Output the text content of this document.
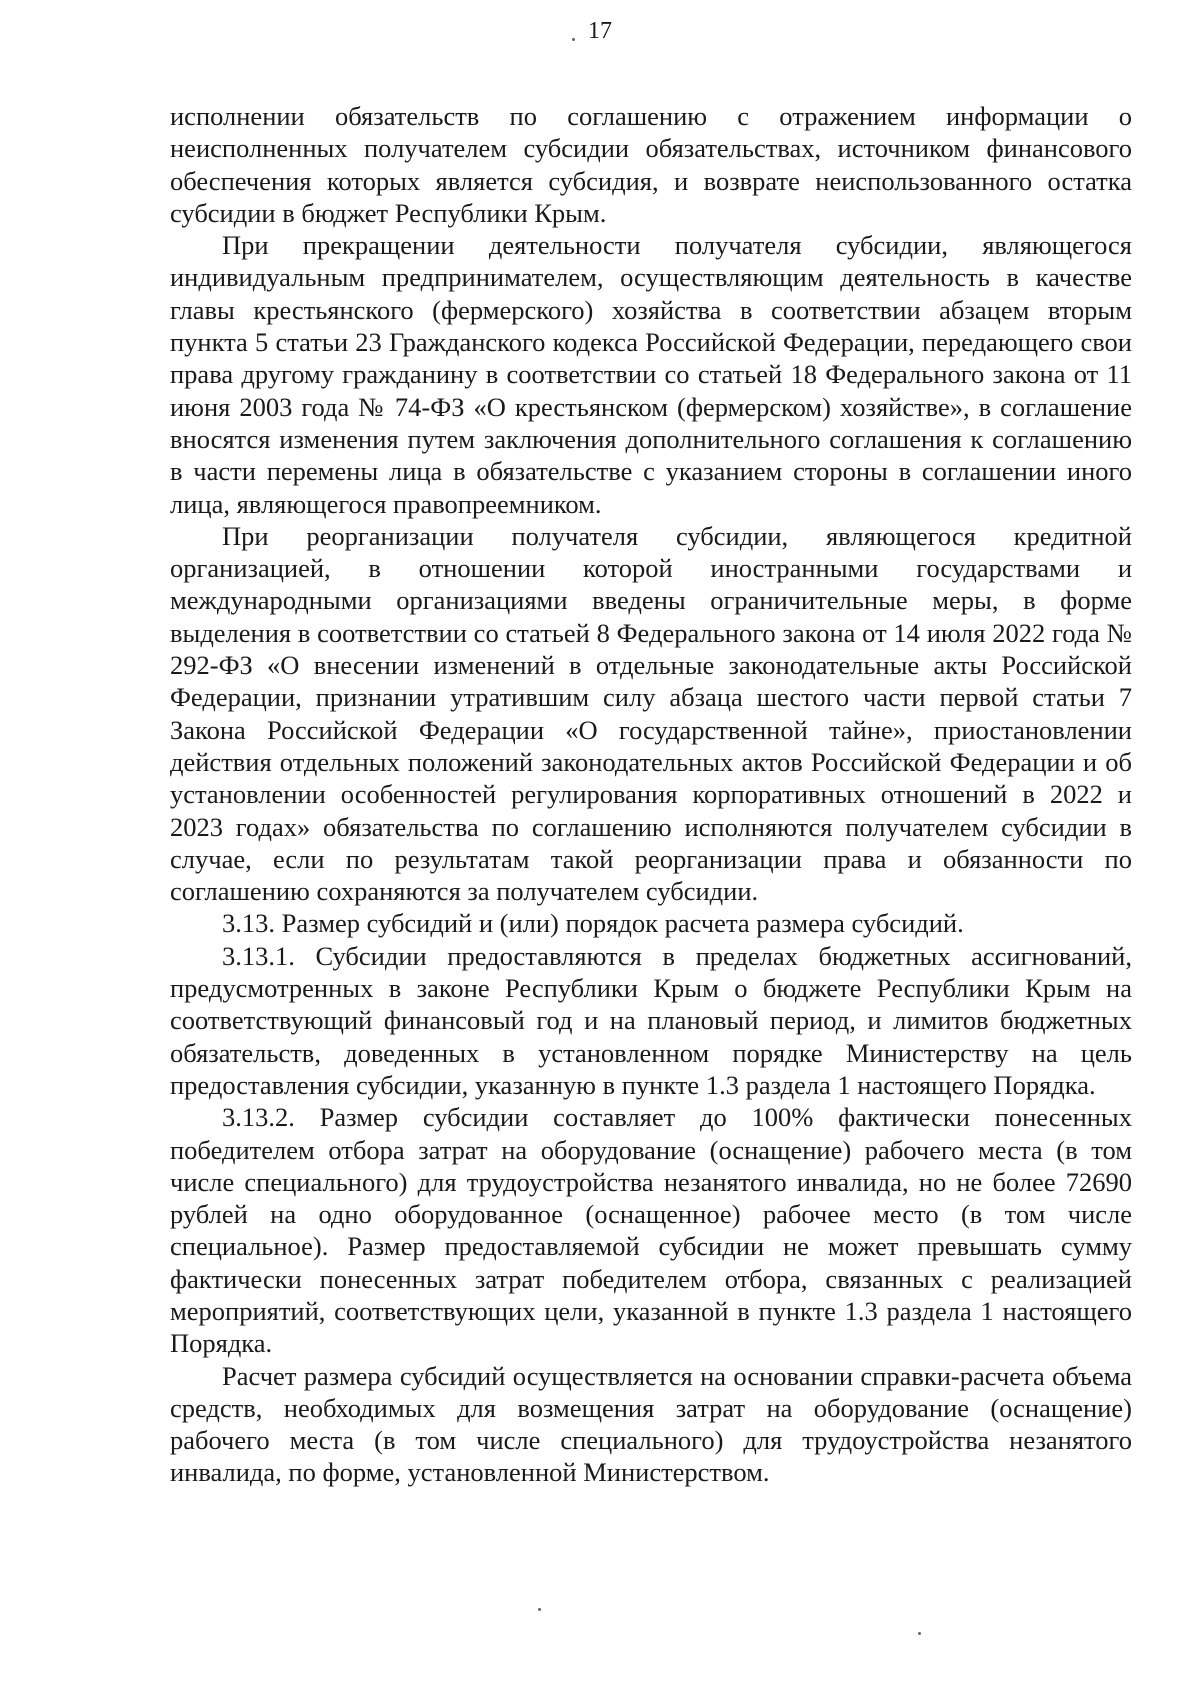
17

исполнении обязательств по соглашению с отражением информации о неисполненных получателем субсидии обязательствах, источником финансового обеспечения которых является субсидия, и возврате неиспользованного остатка субсидии в бюджет Республики Крым.

При прекращении деятельности получателя субсидии, являющегося индивидуальным предпринимателем, осуществляющим деятельность в качестве главы крестьянского (фермерского) хозяйства в соответствии абзацем вторым пункта 5 статьи 23 Гражданского кодекса Российской Федерации, передающего свои права другому гражданину в соответствии со статьей 18 Федерального закона от 11 июня 2003 года № 74-ФЗ «О крестьянском (фермерском) хозяйстве», в соглашение вносятся изменения путем заключения дополнительного соглашения к соглашению в части перемены лица в обязательстве с указанием стороны в соглашении иного лица, являющегося правопреемником.

При реорганизации получателя субсидии, являющегося кредитной организацией, в отношении которой иностранными государствами и международными организациями введены ограничительные меры, в форме выделения в соответствии со статьей 8 Федерального закона от 14 июля 2022 года № 292-ФЗ «О внесении изменений в отдельные законодательные акты Российской Федерации, признании утратившим силу абзаца шестого части первой статьи 7 Закона Российской Федерации «О государственной тайне», приостановлении действия отдельных положений законодательных актов Российской Федерации и об установлении особенностей регулирования корпоративных отношений в 2022 и 2023 годах» обязательства по соглашению исполняются получателем субсидии в случае, если по результатам такой реорганизации права и обязанности по соглашению сохраняются за получателем субсидии.

3.13. Размер субсидий и (или) порядок расчета размера субсидий.

3.13.1. Субсидии предоставляются в пределах бюджетных ассигнований, предусмотренных в законе Республики Крым о бюджете Республики Крым на соответствующий финансовый год и на плановый период, и лимитов бюджетных обязательств, доведенных в установленном порядке Министерству на цель предоставления субсидии, указанную в пункте 1.3 раздела 1 настоящего Порядка.

3.13.2. Размер субсидии составляет до 100% фактически понесенных победителем отбора затрат на оборудование (оснащение) рабочего места (в том числе специального) для трудоустройства незанятого инвалида, но не более 72690 рублей на одно оборудованное (оснащенное) рабочее место (в том числе специальное). Размер предоставляемой субсидии не может превышать сумму фактически понесенных затрат победителем отбора, связанных с реализацией мероприятий, соответствующих цели, указанной в пункте 1.3 раздела 1 настоящего Порядка.

Расчет размера субсидий осуществляется на основании справки-расчета объема средств, необходимых для возмещения затрат на оборудование (оснащение) рабочего места (в том числе специального) для трудоустройства незанятого инвалида, по форме, установленной Министерством.
